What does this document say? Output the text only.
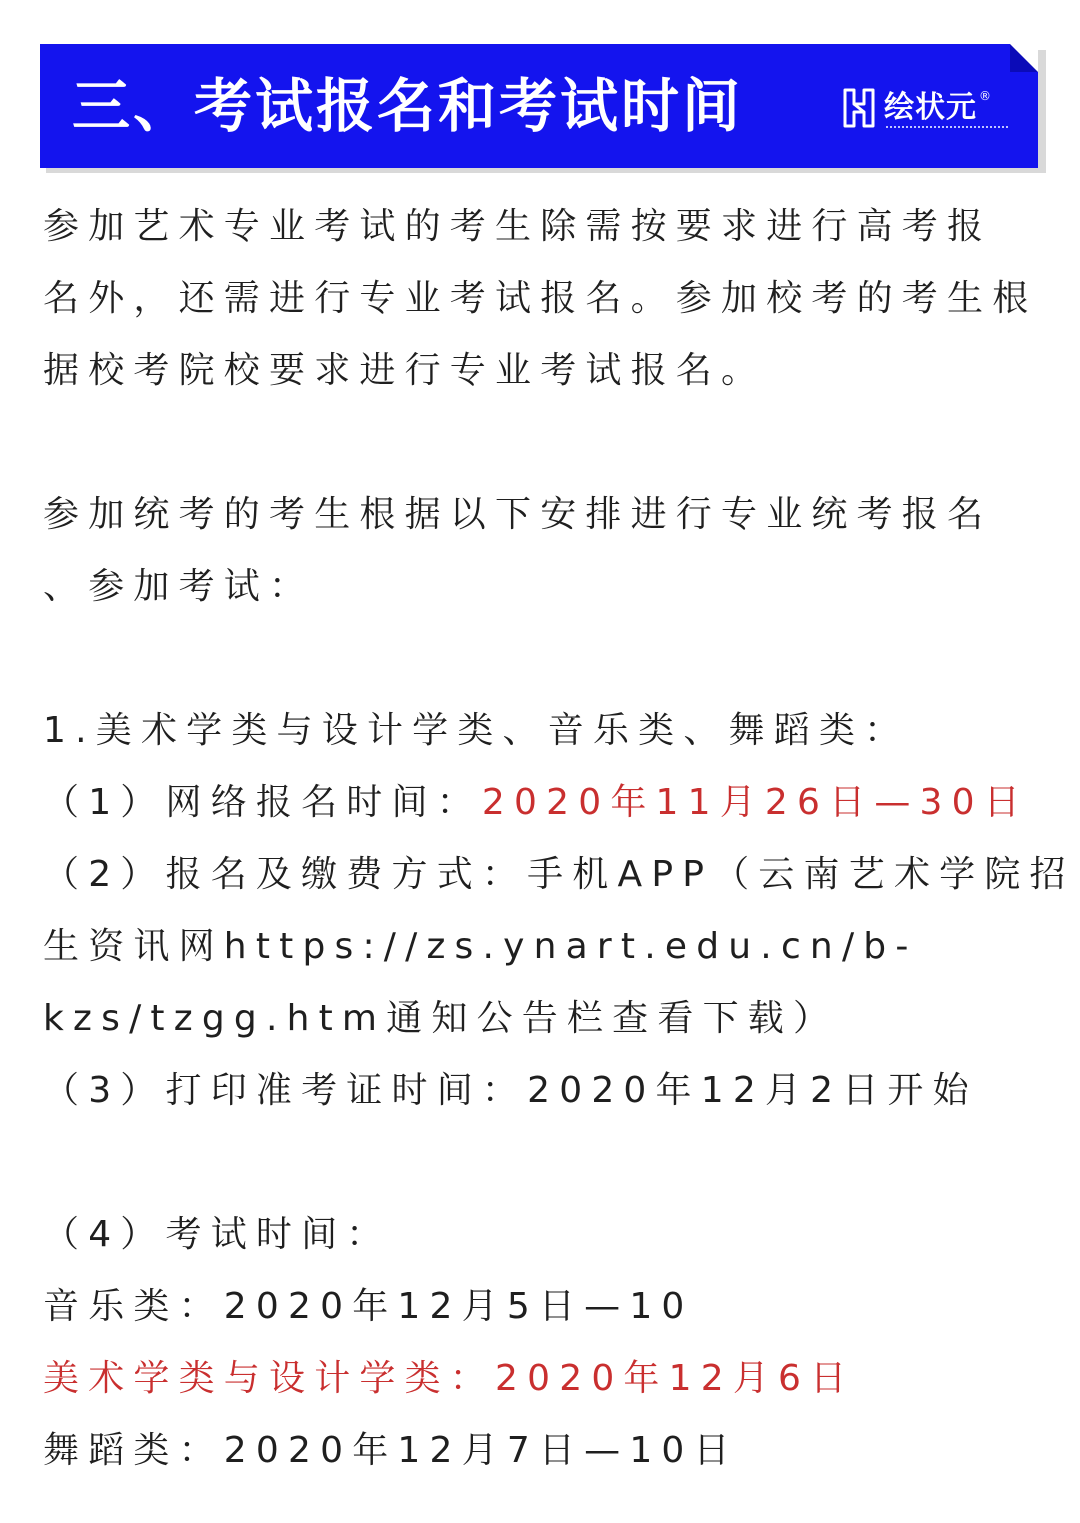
三、考试报名和考试时间	绘状元 ®
参加艺术专业考试的考生除需按要求进行高考报
名外，还需进行专业考试报名。参加校考的考生根
据校考院校要求进行专业考试报名。
参加统考的考生根据以下安排进行专业统考报名
、参加考试：
1.美术学类与设计学类、音乐类、舞蹈类：
（1）网络报名时间：2020年11月26日—30日
（2）报名及缴费方式：手机APP（云南艺术学院招
生资讯网https://zs.ynart.edu.cn/b-
kzs/tzgg.htm通知公告栏查看下载）
（3）打印准考证时间：2020年12月2日开始
（4）考试时间：
音乐类：2020年12月5日—10
美术学类与设计学类：2020年12月6日
舞蹈类：2020年12月7日—10日
